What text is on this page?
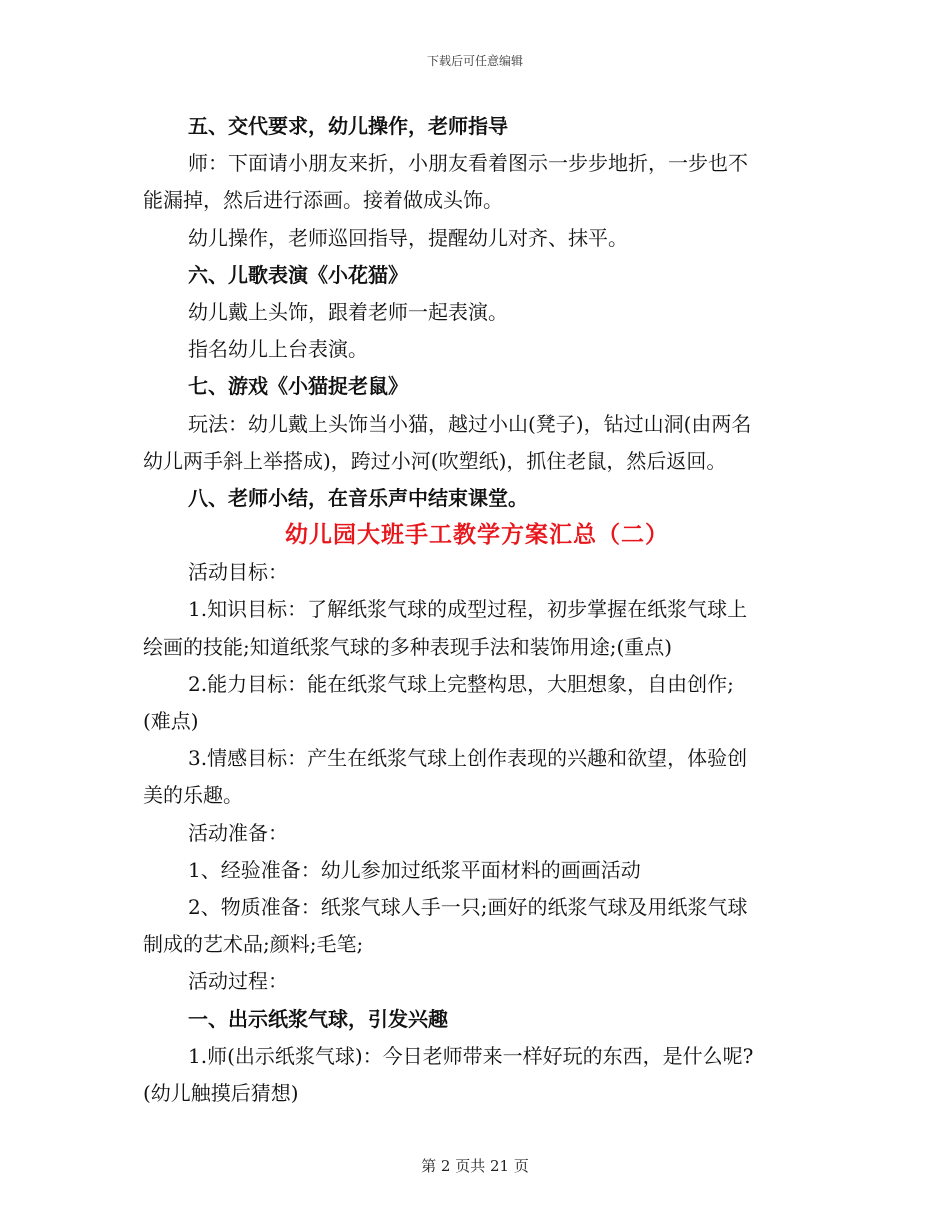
下载后可任意编辑
五、交代要求，幼儿操作，老师指导
师：下面请小朋友来折，小朋友看着图示一步步地折，一步也不
能漏掉，然后进行添画。接着做成头饰。
幼儿操作，老师巡回指导，提醒幼儿对齐、抹平。
六、儿歌表演《小花猫》
幼儿戴上头饰，跟着老师一起表演。
指名幼儿上台表演。
七、游戏《小猫捉老鼠》
玩法：幼儿戴上头饰当小猫，越过小山(凳子)，钻过山洞(由两名
幼儿两手斜上举搭成)，跨过小河(吹塑纸)，抓住老鼠，然后返回。
八、老师小结，在音乐声中结束课堂。
幼儿园大班手工教学方案汇总（二）
活动目标：
1.知识目标：了解纸浆气球的成型过程，初步掌握在纸浆气球上
绘画的技能;知道纸浆气球的多种表现手法和装饰用途;(重点)
2.能力目标：能在纸浆气球上完整构思，大胆想象，自由创作;
(难点)
3.情感目标：产生在纸浆气球上创作表现的兴趣和欲望，体验创
美的乐趣。
活动准备：
1、经验准备：幼儿参加过纸浆平面材料的画画活动
2、物质准备：纸浆气球人手一只;画好的纸浆气球及用纸浆气球
制成的艺术品;颜料;毛笔;
活动过程：
一、出示纸浆气球，引发兴趣
1.师(出示纸浆气球)：今日老师带来一样好玩的东西，是什么呢?
(幼儿触摸后猜想)
第 2 页共 21 页
